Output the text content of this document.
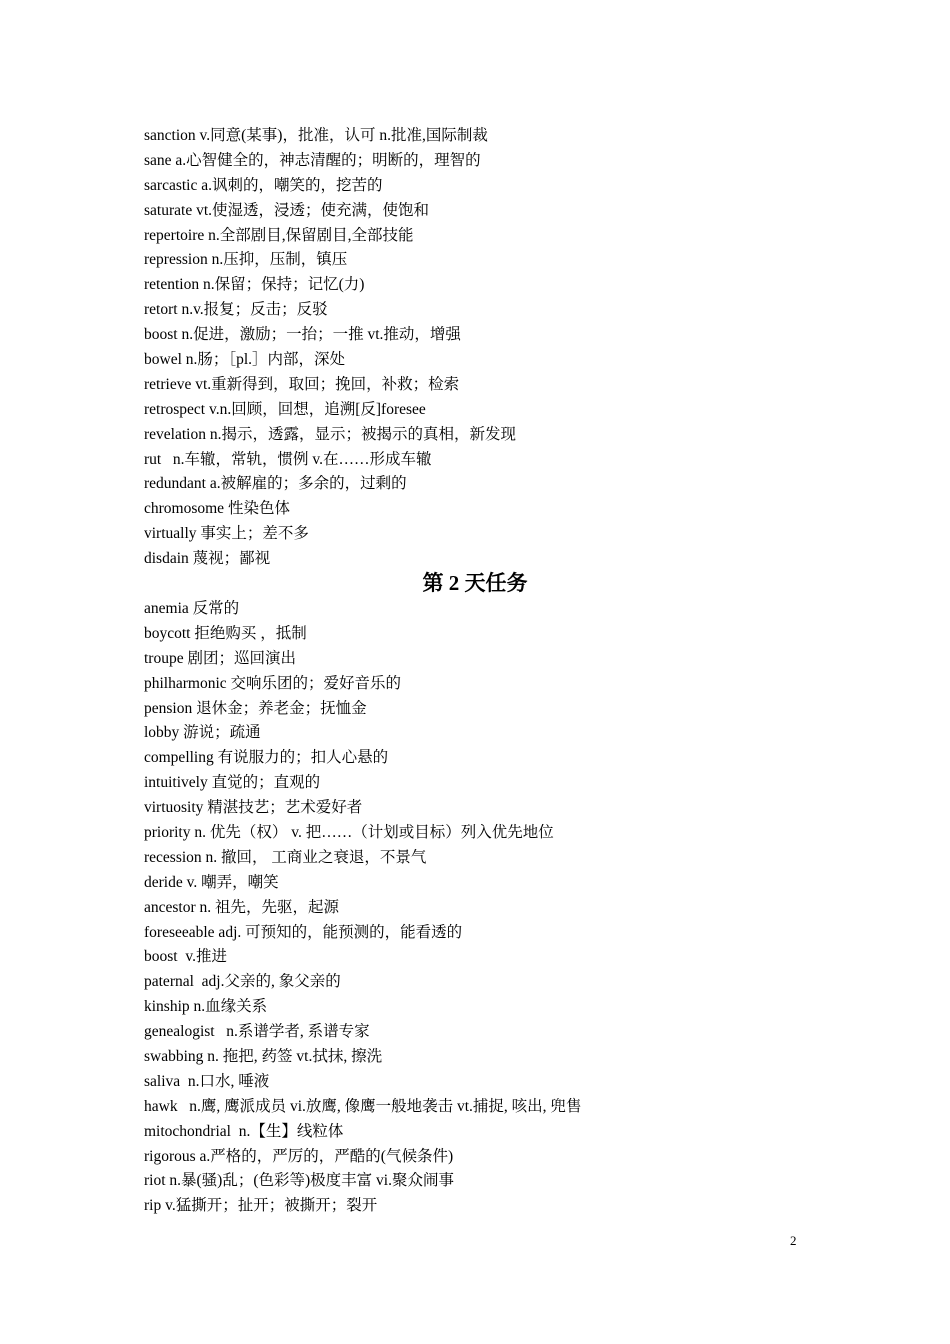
sanction v.同意(某事)，批准，认可 n.批准,国际制裁
sane a.心智健全的，神志清醒的；明断的，理智的
sarcastic a.讽刺的，嘲笑的，挖苦的
saturate vt.使湿透，浸透；使充满，使饱和
repertoire n.全部剧目,保留剧目,全部技能
repression n.压抑，压制，镇压
retention n.保留；保持；记忆(力)
retort n.v.报复；反击；反驳
boost n.促进，激励；一抬；一推 vt.推动，增强
bowel n.肠；［pl.］内部，深处
retrieve vt.重新得到，取回；挽回，补救；检索
retrospect v.n.回顾，回想，追溯[反]foresee
revelation n.揭示，透露，显示；被揭示的真相，新发现
rut   n.车辙，常轨，惯例 v.在……形成车辙
redundant a.被解雇的；多余的，过剩的
chromosome 性染色体
virtually 事实上；差不多
disdain 蔑视；鄙视
第 2 天任务
anemia 反常的
boycott 拒绝购买 ，抵制
troupe 剧团；巡回演出
philharmonic 交响乐团的；爱好音乐的
pension 退休金；养老金；抚恤金
lobby 游说；疏通
compelling 有说服力的；扣人心悬的
intuitively 直觉的；直观的
virtuosity 精湛技艺；艺术爱好者
priority n. 优先（权） v. 把……（计划或目标）列入优先地位
recession n. 撤回， 工商业之衰退，不景气
deride v. 嘲弄，嘲笑
ancestor n. 祖先，先驱，起源
foreseeable adj. 可预知的，能预测的，能看透的
boost  v.推进
paternal  adj.父亲的, 象父亲的
kinship n.血缘关系
genealogist   n.系谱学者, 系谱专家
swabbing n. 拖把, 药签 vt.拭抹, 擦洗
saliva  n.口水, 唾液
hawk   n.鹰, 鹰派成员 vi.放鹰, 像鹰一般地袭击 vt.捕捉, 咳出, 兜售
mitochondrial  n.【生】线粒体
rigorous a.严格的，严厉的，严酷的(气候条件)
riot n.暴(骚)乱；(色彩等)极度丰富 vi.聚众闹事
rip v.猛撕开；扯开；被撕开；裂开
2
